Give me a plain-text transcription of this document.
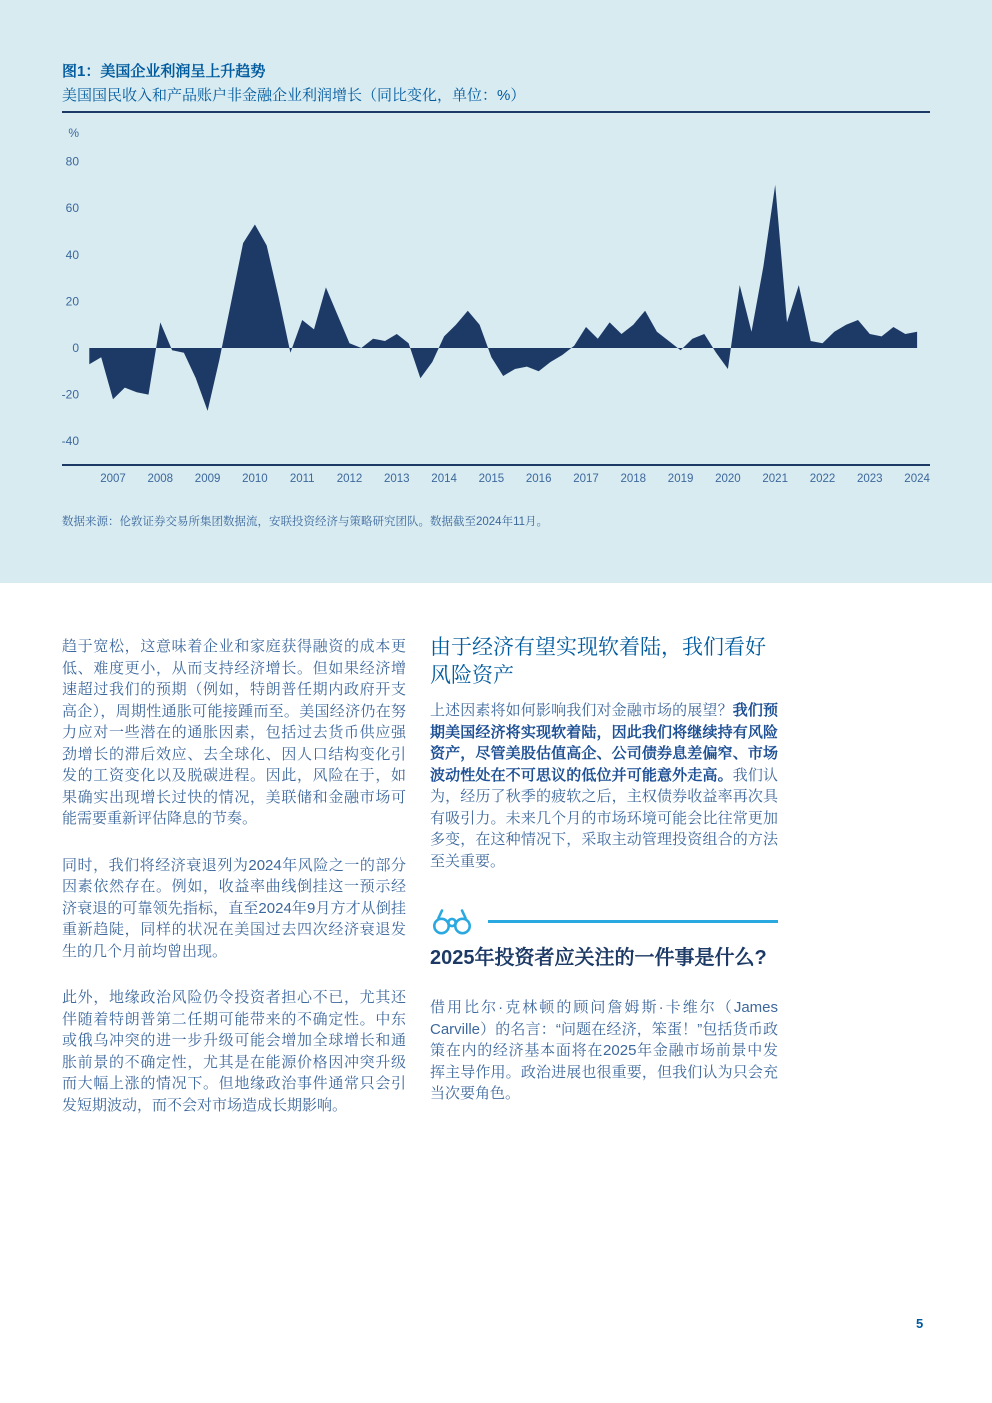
图1：美国企业利润呈上升趋势
美国国民收入和产品账户非金融企业利润增长（同比变化，单位：%）
%
80
60
40
20
0
-20
-40
2007 2008 2009 2010 2011 2012 2013 2014 2015 2016 2017 2018 2019 2020 2021 2022 2023 2024
数据来源：伦敦证券交易所集团数据流，安联投资经济与策略研究团队。数据截至2024年11月。

趋于宽松，这意味着企业和家庭获得融资的成本更低、难度更小，从而支持经济增长。但如果经济增速超过我们的预期（例如，特朗普任期内政府开支高企），周期性通胀可能接踵而至。美国经济仍在努力应对一些潜在的通胀因素，包括过去货币供应强劲增长的滞后效应、去全球化、因人口结构变化引发的工资变化以及脱碳进程。因此，风险在于，如果确实出现增长过快的情况，美联储和金融市场可能需要重新评估降息的节奏。

同时，我们将经济衰退列为2024年风险之一的部分因素依然存在。例如，收益率曲线倒挂这一预示经济衰退的可靠领先指标，直至2024年9月方才从倒挂重新趋陡，同样的状况在美国过去四次经济衰退发生的几个月前均曾出现。

此外，地缘政治风险仍令投资者担心不已，尤其还伴随着特朗普第二任期可能带来的不确定性。中东或俄乌冲突的进一步升级可能会增加全球增长和通胀前景的不确定性，尤其是在能源价格因冲突升级而大幅上涨的情况下。但地缘政治事件通常只会引发短期波动，而不会对市场造成长期影响。

由于经济有望实现软着陆，我们看好风险资产

上述因素将如何影响我们对金融市场的展望？我们预期美国经济将实现软着陆，因此我们将继续持有风险资产，尽管美股估值高企、公司债券息差偏窄、市场波动性处在不可思议的低位并可能意外走高。我们认为，经历了秋季的疲软之后，主权债券收益率再次具有吸引力。未来几个月的市场环境可能会比往常更加多变，在这种情况下，采取主动管理投资组合的方法至关重要。

2025年投资者应关注的一件事是什么?

借用比尔·克林顿的顾问詹姆斯·卡维尔（James Carville）的名言：“问题在经济，笨蛋！”包括货币政策在内的经济基本面将在2025年金融市场前景中发挥主导作用。政治进展也很重要，但我们认为只会充当次要角色。

5
